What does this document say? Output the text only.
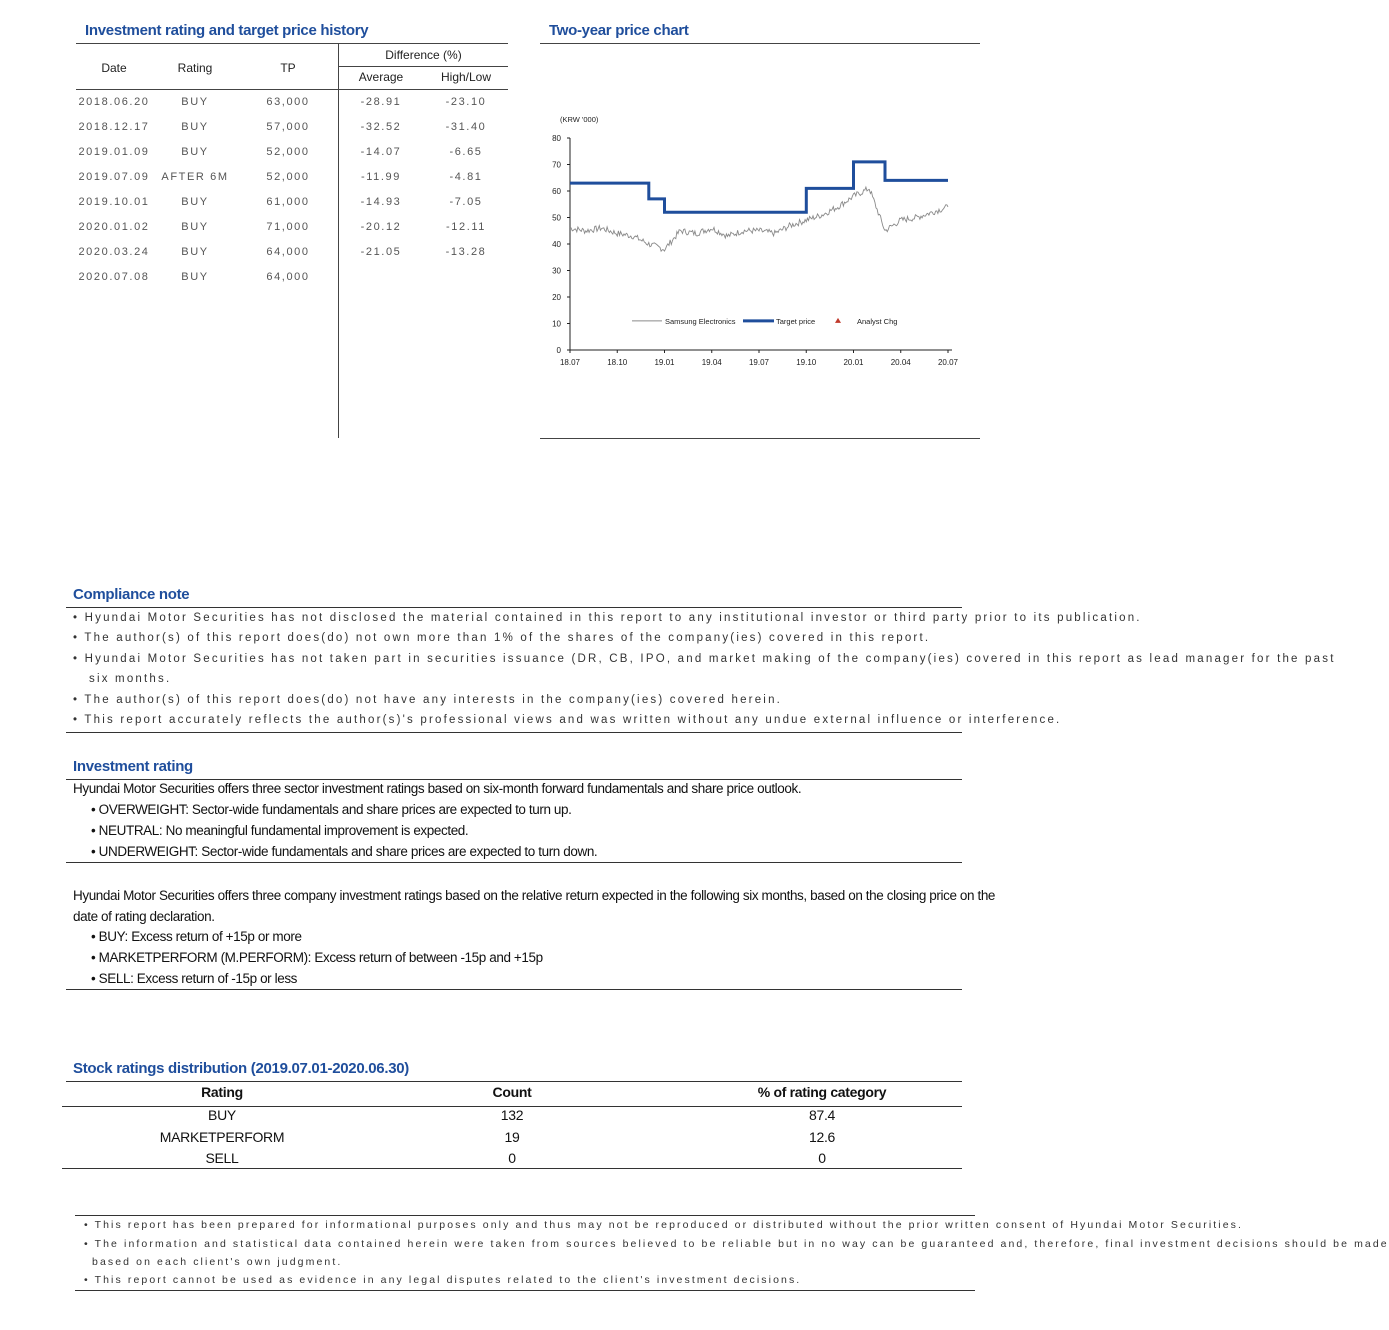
Investment rating and target price history
Date	Rating	TP
Difference (%)
Average	High/Low
2018.06.20	BUY	63,000	-28.91	-23.10
2018.12.17	BUY	57,000	-32.52	-31.40
2019.01.09	BUY	52,000	-14.07	-6.65
2019.07.09	AFTER 6M	52,000	-11.99	-4.81
2019.10.01	BUY	61,000	-14.93	-7.05
2020.01.02	BUY	71,000	-20.12	-12.11
2020.03.24	BUY	64,000	-21.05	-13.28
2020.07.08	BUY	64,000
Two-year price chart
(KRW '000)
0
10
20
30
40
50
60
70
80
18.07	18.10	19.01	19.04	19.07	19.10	20.01	20.04	20.07
Samsung Electronics	Target price	Analyst Chg
Compliance note
• Hyundai Motor Securities has not disclosed the material contained in this report to any institutional investor or third party prior to its publication.
• The author(s) of this report does(do) not own more than 1% of the shares of the company(ies) covered in this report.
• Hyundai Motor Securities has not taken part in securities issuance (DR, CB, IPO, and market making of the company(ies) covered in this report as lead manager for the past
six months.
• The author(s) of this report does(do) not have any interests in the company(ies) covered herein.
• This report accurately reflects the author(s)'s professional views and was written without any undue external influence or interference.
Investment rating
Hyundai Motor Securities offers three sector investment ratings based on six-month forward fundamentals and share price outlook.
• OVERWEIGHT: Sector-wide fundamentals and share prices are expected to turn up.
• NEUTRAL: No meaningful fundamental improvement is expected.
• UNDERWEIGHT: Sector-wide fundamentals and share prices are expected to turn down.
Hyundai Motor Securities offers three company investment ratings based on the relative return expected in the following six months, based on the closing price on the
date of rating declaration.
• BUY: Excess return of +15p or more
• MARKETPERFORM (M.PERFORM): Excess return of between -15p and +15p
• SELL: Excess return of -15p or less
Stock ratings distribution (2019.07.01-2020.06.30)
Rating	Count	% of rating category
BUY	132	87.4
MARKETPERFORM	19	12.6
SELL	0	0
• This report has been prepared for informational purposes only and thus may not be reproduced or distributed without the prior written consent of Hyundai Motor Securities.
• The information and statistical data contained herein were taken from sources believed to be reliable but in no way can be guaranteed and, therefore, final investment decisions should be made
based on each client's own judgment.
• This report cannot be used as evidence in any legal disputes related to the client's investment decisions.
